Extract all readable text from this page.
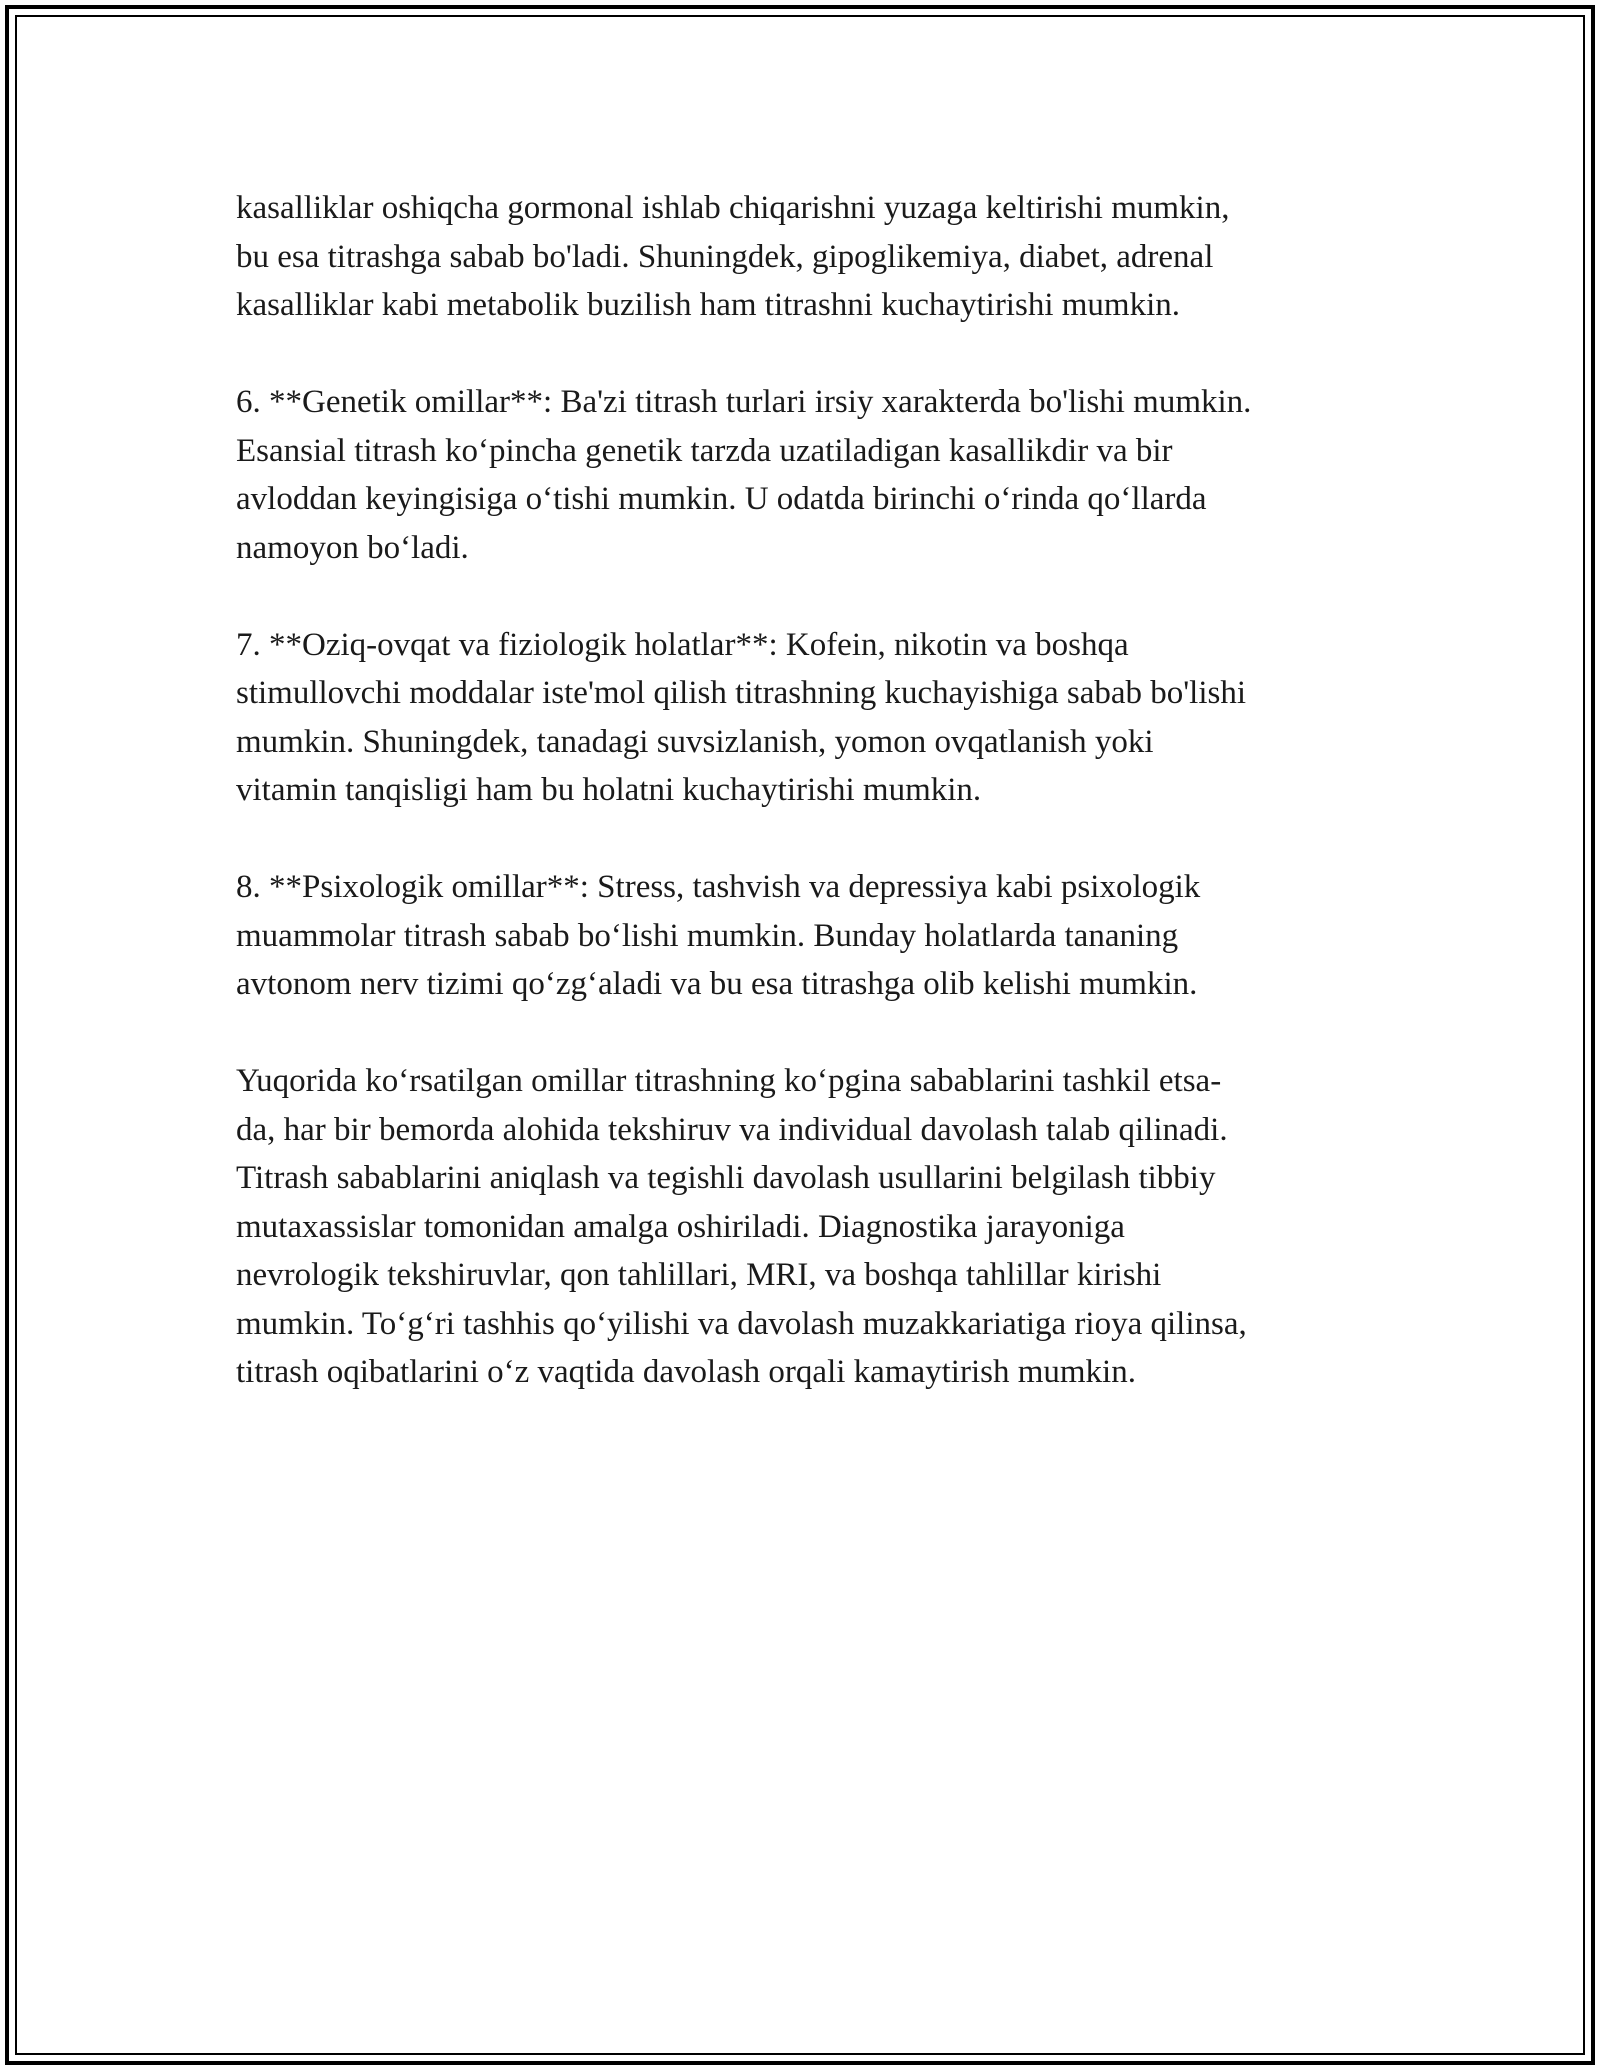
kasalliklar oshiqcha gormonal ishlab chiqarishni yuzaga keltirishi mumkin,
bu esa titrashga sabab bo'ladi. Shuningdek, gipoglikemiya, diabet, adrenal
kasalliklar kabi metabolik buzilish ham titrashni kuchaytirishi mumkin.

6. **Genetik omillar**: Ba'zi titrash turlari irsiy xarakterda bo'lishi mumkin.
Esansial titrash ko‘pincha genetik tarzda uzatiladigan kasallikdir va bir
avloddan keyingisiga o‘tishi mumkin. U odatda birinchi o‘rinda qo‘llarda
namoyon bo‘ladi.

7. **Oziq-ovqat va fiziologik holatlar**: Kofein, nikotin va boshqa
stimullovchi moddalar iste'mol qilish titrashning kuchayishiga sabab bo'lishi
mumkin. Shuningdek, tanadagi suvsizlanish, yomon ovqatlanish yoki
vitamin tanqisligi ham bu holatni kuchaytirishi mumkin.

8. **Psixologik omillar**: Stress, tashvish va depressiya kabi psixologik
muammolar titrash sabab bo‘lishi mumkin. Bunday holatlarda tananing
avtonom nerv tizimi qo‘zg‘aladi va bu esa titrashga olib kelishi mumkin.

Yuqorida ko‘rsatilgan omillar titrashning ko‘pgina sabablarini tashkil etsa-
da, har bir bemorda alohida tekshiruv va individual davolash talab qilinadi.
Titrash sabablarini aniqlash va tegishli davolash usullarini belgilash tibbiy
mutaxassislar tomonidan amalga oshiriladi. Diagnostika jarayoniga
nevrologik tekshiruvlar, qon tahlillari, MRI, va boshqa tahlillar kirishi
mumkin. To‘g‘ri tashhis qo‘yilishi va davolash muzakkariatiga rioya qilinsa,
titrash oqibatlarini o‘z vaqtida davolash orqali kamaytirish mumkin.
